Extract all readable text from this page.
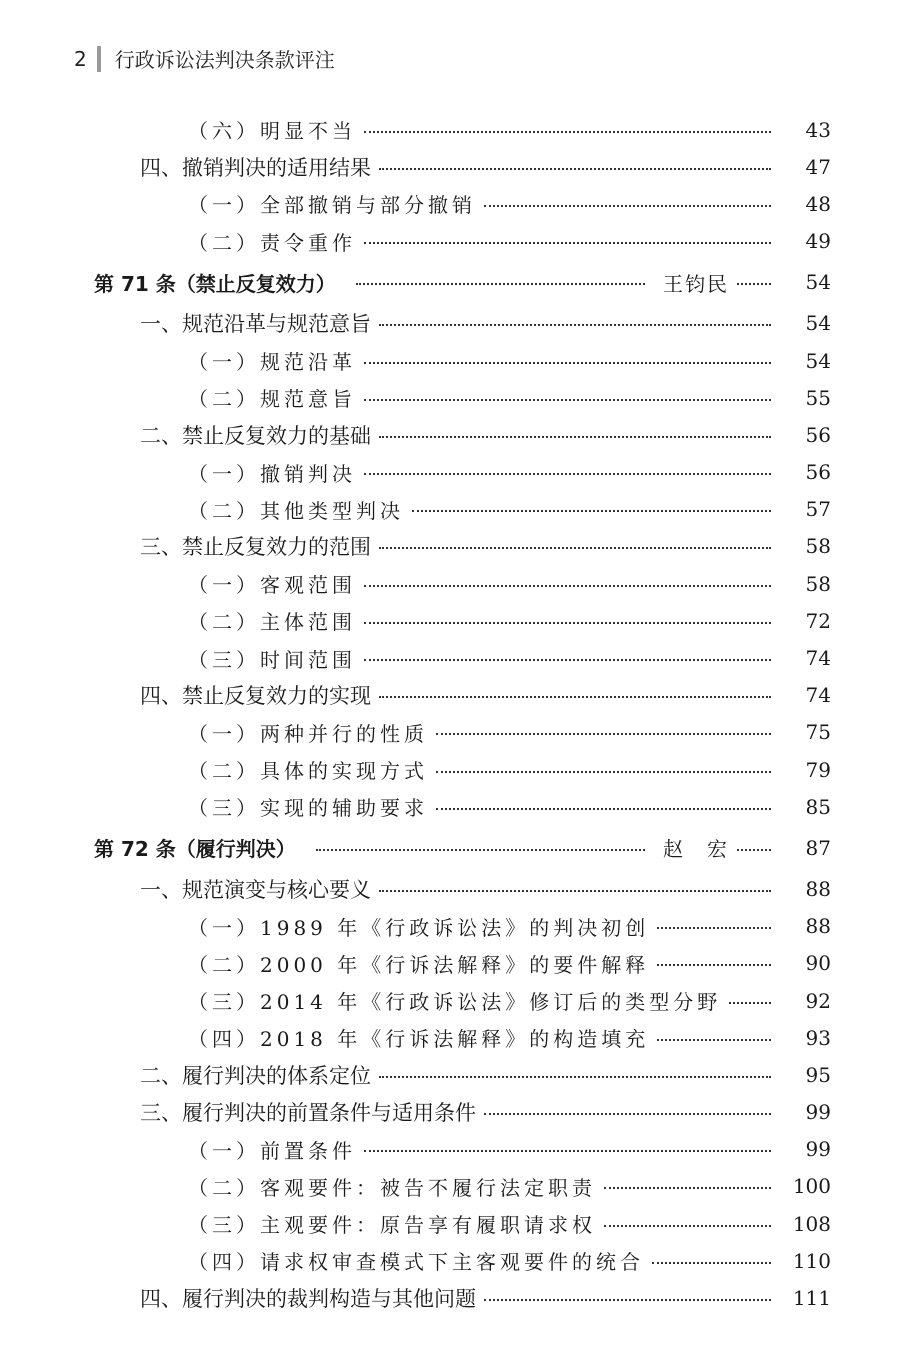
2 行政诉讼法判决条款评注
（六）明显不当	43
四、撤销判决的适用结果	47
（一）全部撤销与部分撤销	48
（二）责令重作	49
第 71 条（禁止反复效力）	王钧民	54
一、规范沿革与规范意旨	54
（一）规范沿革	54
（二）规范意旨	55
二、禁止反复效力的基础	56
（一）撤销判决	56
（二）其他类型判决	57
三、禁止反复效力的范围	58
（一）客观范围	58
（二）主体范围	72
（三）时间范围	74
四、禁止反复效力的实现	74
（一）两种并行的性质	75
（二）具体的实现方式	79
（三）实现的辅助要求	85
第 72 条（履行判决）	赵　宏	87
一、规范演变与核心要义	88
（一）1989 年《行政诉讼法》的判决初创	88
（二）2000 年《行诉法解释》的要件解释	90
（三）2014 年《行政诉讼法》修订后的类型分野	92
（四）2018 年《行诉法解释》的构造填充	93
二、履行判决的体系定位	95
三、履行判决的前置条件与适用条件	99
（一）前置条件	99
（二）客观要件：被告不履行法定职责	100
（三）主观要件：原告享有履职请求权	108
（四）请求权审查模式下主客观要件的统合	110
四、履行判决的裁判构造与其他问题	111
